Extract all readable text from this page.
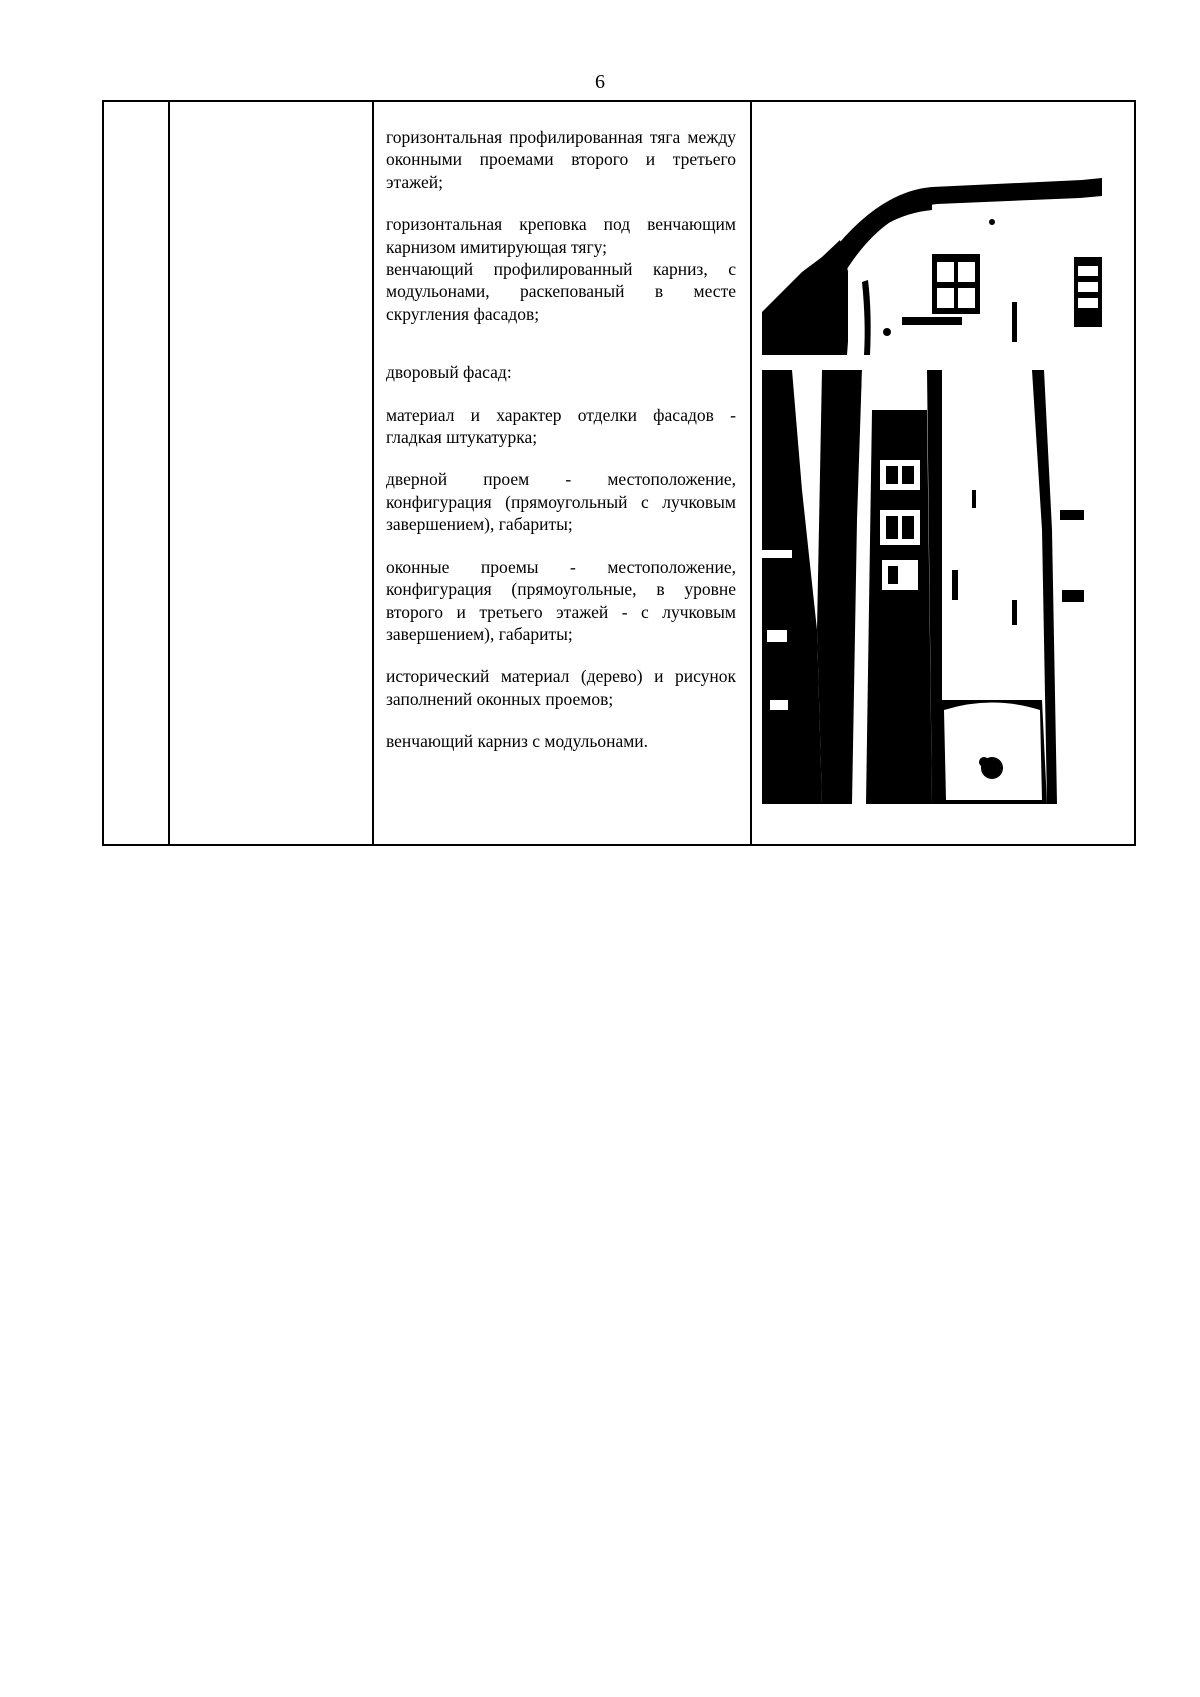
6

горизонтальная профилированная тяга между оконными проемами второго и третьего этажей;

горизонтальная креповка под венчающим карнизом имитирующая тягу;

венчающий профилированный карниз, с модульонами, раскепованый в месте скругления фасадов;

дворовый фасад:

материал и характер отделки фасадов - гладкая штукатурка;

дверной проем - местоположение, конфигурация (прямоугольный с лучковым завершением), габариты;

оконные проемы - местоположение, конфигурация (прямоугольные, в уровне второго и третьего этажей - с лучковым завершением), габариты;

исторический материал (дерево) и рисунок заполнений оконных проемов;

венчающий карниз с модульонами.
